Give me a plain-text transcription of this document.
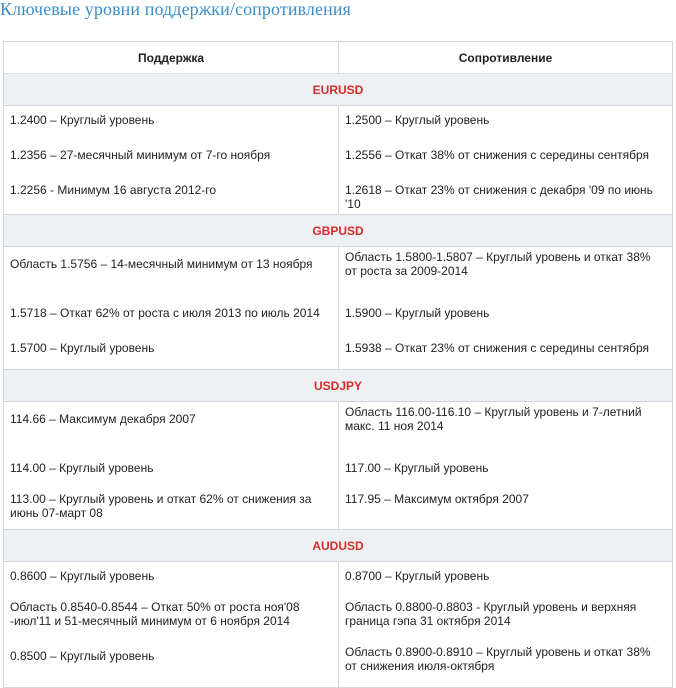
Ключевые уровни поддержки/сопротивления
Поддержка	Сопротивление
EURUSD	
1.2400 – Круглый уровень	1.2500 – Круглый уровень
1.2356 – 27-месячный минимум от 7-го ноября	1.2556 – Откат 38% от снижения с середины сентября
1.2256 - Минимум 16 августа 2012-го	1.2618 – Откат 23% от снижения с декабря '09 по июнь '10
GBPUSD	
Область 1.5756 – 14-месячный минимум от 13 ноября	Область 1.5800-1.5807 – Круглый уровень и откат 38% от роста за 2009-2014
1.5718 – Откат 62% от роста с июля 2013 по июль 2014	1.5900 – Круглый уровень
1.5700 – Круглый уровень	1.5938 – Откат 23% от снижения с середины сентября
USDJPY	
114.66 – Максимум декабря 2007	Область 116.00-116.10 – Круглый уровень и 7-летний макс. 11 ноя 2014
114.00 – Круглый уровень	117.00 – Круглый уровень
113.00 – Круглый уровень и откат 62% от снижения за июнь 07-март 08	117.95 – Максимум октября 2007
AUDUSD	
0.8600 – Круглый уровень	0.8700 – Круглый уровень
Область 0.8540-0.8544 – Откат 50% от роста ноя'08 -июл'11 и 51-месячный минимум от 6 ноября 2014	Область 0.8800-0.8803 - Круглый уровень и верхняя граница гэпа 31 октября 2014
0.8500 – Круглый уровень	Область 0.8900-0.8910 – Круглый уровень и откат 38% от снижения июля-октября
